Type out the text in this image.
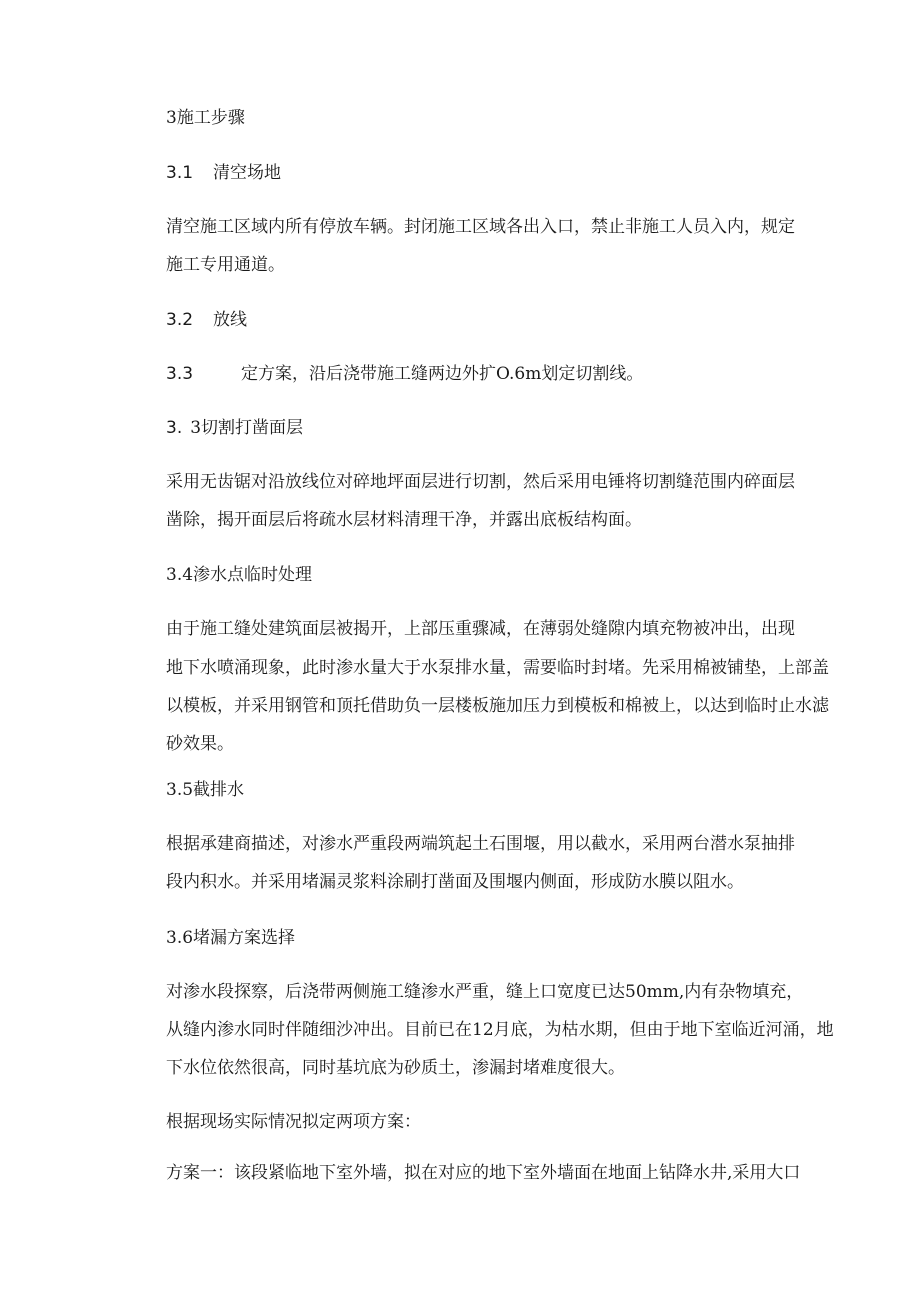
3施工步骤
3.1 清空场地
清空施工区域内所有停放车辆。封闭施工区域各出入口，禁止非施工人员入内，规定
施工专用通道。
3.2 放线
3.3	定方案，沿后浇带施工缝两边外扩O.6m划定切割线。
3. 3切割打凿面层
采用无齿锯对沿放线位对碎地坪面层进行切割，然后采用电锤将切割缝范围内碎面层
凿除，揭开面层后将疏水层材料清理干净，并露出底板结构面。
3.4渗水点临时处理
由于施工缝处建筑面层被揭开，上部压重骤减，在薄弱处缝隙内填充物被冲出，出现
地下水喷涌现象，此时渗水量大于水泵排水量，需要临时封堵。先采用棉被铺垫，上部盖
以模板，并采用钢管和顶托借助负一层楼板施加压力到模板和棉被上，以达到临时止水滤
砂效果。
3.5截排水
根据承建商描述，对渗水严重段两端筑起土石围堰，用以截水，采用两台潜水泵抽排
段内积水。并采用堵漏灵浆料涂刷打凿面及围堰内侧面，形成防水膜以阻水。
3.6堵漏方案选择
对渗水段探察，后浇带两侧施工缝渗水严重，缝上口宽度已达50mm,内有杂物填充，
从缝内渗水同时伴随细沙冲出。目前已在12月底，为枯水期，但由于地下室临近河涌，地
下水位依然很高，同时基坑底为砂质土，渗漏封堵难度很大。
根据现场实际情况拟定两项方案：
方案一：该段紧临地下室外墙，拟在对应的地下室外墙面在地面上钻降水井,采用大口
